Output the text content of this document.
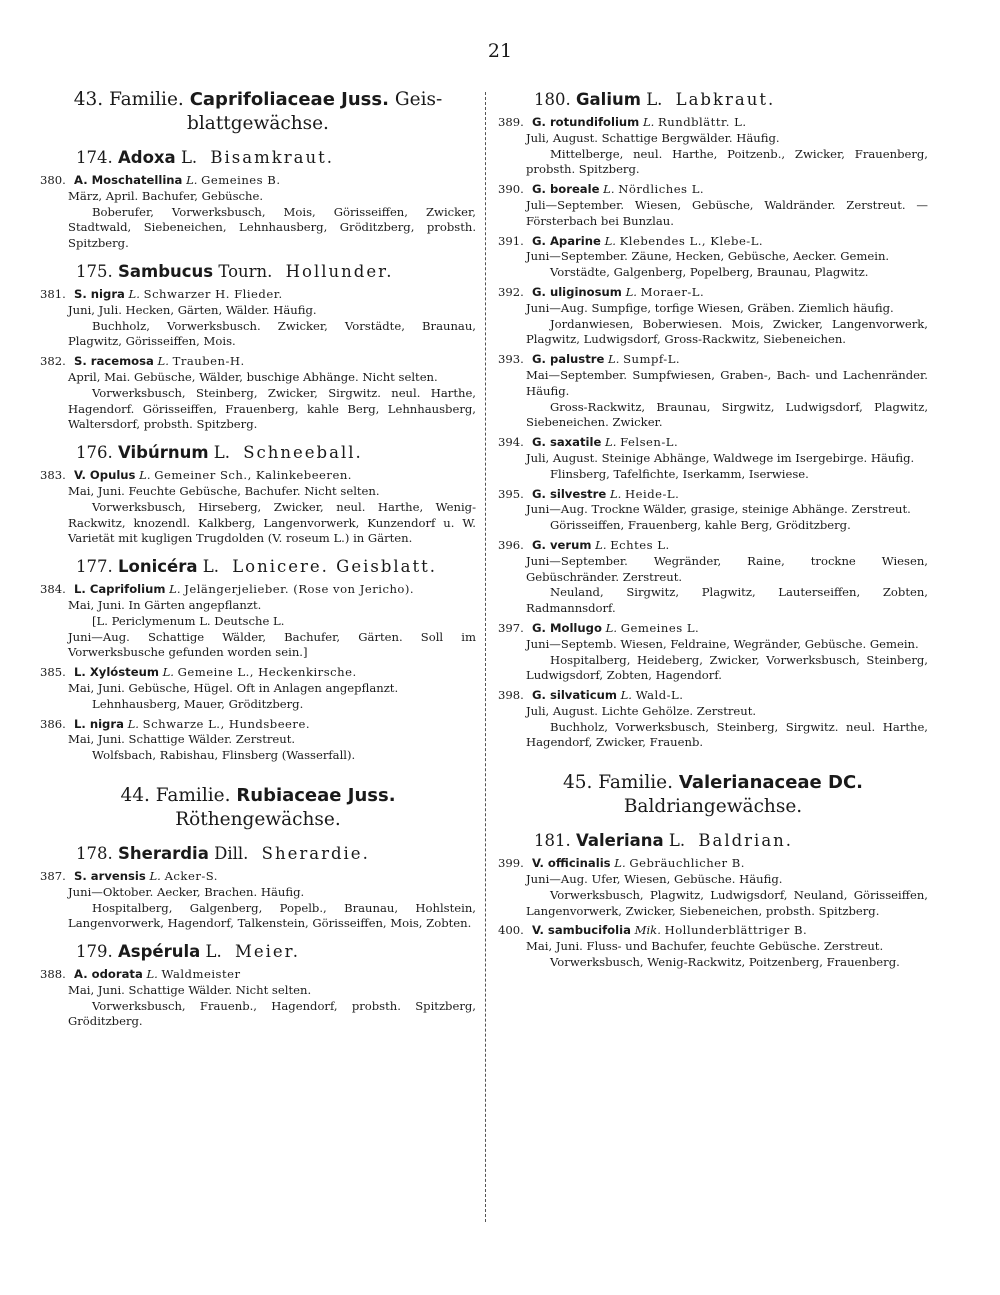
21
43. Familie. Caprifoliaceae Juss. Geis-blattgewächse.
174. Adoxa L. Bisamkraut.
380. A. Moschatellina L. Gemeines B.
März, April. Bachufer, Gebüsche.
Boberufer, Vorwerksbusch, Mois, Görisseiffen, Zwicker, Stadtwald, Siebeneichen, Lehnhausberg, Gröditzberg, probsth. Spitzberg.
175. Sambucus Tourn. Hollunder.
381. S. nigra L. Schwarzer H. Flieder.
Juni, Juli. Hecken, Gärten, Wälder. Häufig.
Buchholz, Vorwerksbusch. Zwicker, Vorstädte, Braunau, Plagwitz, Görisseiffen, Mois.
382. S. racemosa L. Trauben-H.
April, Mai. Gebüsche, Wälder, buschige Abhänge. Nicht selten.
Vorwerksbusch, Steinberg, Zwicker, Sirgwitz. neul. Harthe, Hagendorf. Görisseiffen, Frauenberg, kahle Berg, Lehnhausberg, Waltersdorf, probsth. Spitzberg.
176. Vibúrnum L. Schneeball.
383. V. Opulus L. Gemeiner Sch., Kalinkebeeren.
Mai, Juni. Feuchte Gebüsche, Bachufer. Nicht selten.
Vorwerksbusch, Hirseberg, Zwicker, neul. Harthe, Wenig-Rackwitz, knozendl. Kalkberg, Langenvorwerk, Kunzendorf u. W. Varietät mit kugligen Trugdolden (V. roseum L.) in Gärten.
177. Lonicéra L. Lonicere. Geisblatt.
384. L. Caprifolium L. Jelängerjelieber. (Rose von Jericho).
Mai, Juni. In Gärten angepflanzt.
[L. Periclymenum L. Deutsche L.
Juni—Aug. Schattige Wälder, Bachufer, Gärten. Soll im Vorwerksbusche gefunden worden sein.]
385. L. Xylósteum L. Gemeine L., Heckenkirsche.
Mai, Juni. Gebüsche, Hügel. Oft in Anlagen angepflanzt.
Lehnhausberg, Mauer, Gröditzberg.
386. L. nigra L. Schwarze L., Hundsbeere.
Mai, Juni. Schattige Wälder. Zerstreut.
Wolfsbach, Rabishau, Flinsberg (Wasserfall).
44. Familie. Rubiaceae Juss. Röthengewächse.
178. Sherardia Dill. Sherardie.
387. S. arvensis L. Acker-S.
Juni—Oktober. Aecker, Brachen. Häufig.
Hospitalberg, Galgenberg, Popelb., Braunau, Hohlstein, Langenvorwerk, Hagendorf, Talkenstein, Görisseiffen, Mois, Zobten.
179. Aspérula L. Meier.
388. A. odorata L. Waldmeister
Mai, Juni. Schattige Wälder. Nicht selten.
Vorwerksbusch, Frauenb., Hagendorf, probsth. Spitzberg, Gröditzberg.
180. Galium L. Labkraut.
389. G. rotundifolium L. Rundblättr. L.
Juli, August. Schattige Bergwälder. Häufig.
Mittelberge, neul. Harthe, Poitzenb., Zwicker, Frauenberg, probsth. Spitzberg.
390. G. boreale L. Nördliches L.
Juli—September. Wiesen, Gebüsche, Waldränder. Zerstreut. — Försterbach bei Bunzlau.
391. G. Aparine L. Klebendes L., Klebe-L.
Juni—September. Zäune, Hecken, Gebüsche, Aecker. Gemein.
Vorstädte, Galgenberg, Popelberg, Braunau, Plagwitz.
392. G. uliginosum L. Moraer-L.
Juni—Aug. Sumpfige, torfige Wiesen, Gräben. Ziemlich häufig.
Jordanwiesen, Boberwiesen. Mois, Zwicker, Langenvorwerk, Plagwitz, Ludwigsdorf, Gross-Rackwitz, Siebeneichen.
393. G. palustre L. Sumpf-L.
Mai—September. Sumpfwiesen, Graben-, Bach- und Lachenränder. Häufig.
Gross-Rackwitz, Braunau, Sirgwitz, Ludwigsdorf, Plagwitz, Siebeneichen. Zwicker.
394. G. saxatile L. Felsen-L.
Juli, August. Steinige Abhänge, Waldwege im Isergebirge. Häufig.
Flinsberg, Tafelfichte, Iserkamm, Iserwiese.
395. G. silvestre L. Heide-L.
Juni—Aug. Trockne Wälder, grasige, steinige Abhänge. Zerstreut.
Görisseiffen, Frauenberg, kahle Berg, Gröditzberg.
396. G. verum L. Echtes L.
Juni—September. Wegränder, Raine, trockne Wiesen, Gebüschränder. Zerstreut.
Neuland, Sirgwitz, Plagwitz, Lauterseiffen, Zobten, Radmannsdorf.
397. G. Mollugo L. Gemeines L.
Juni—Septemb. Wiesen, Feldraine, Wegränder, Gebüsche. Gemein.
Hospitalberg, Heideberg, Zwicker, Vorwerksbusch, Steinberg, Ludwigsdorf, Zobten, Hagendorf.
398. G. silvaticum L. Wald-L.
Juli, August. Lichte Gehölze. Zerstreut.
Buchholz, Vorwerksbusch, Steinberg, Sirgwitz. neul. Harthe, Hagendorf, Zwicker, Frauenb.
45. Familie. Valerianaceae DC. Baldriangewächse.
181. Valeriana L. Baldrian.
399. V. officinalis L. Gebräuchlicher B.
Juni—Aug. Ufer, Wiesen, Gebüsche. Häufig.
Vorwerksbusch, Plagwitz, Ludwigsdorf, Neuland, Görisseiffen, Langenvorwerk, Zwicker, Siebeneichen, probsth. Spitzberg.
400. V. sambucifolia Mik. Hollunderblättriger B.
Mai, Juni. Fluss- und Bachufer, feuchte Gebüsche. Zerstreut.
Vorwerksbusch, Wenig-Rackwitz, Poitzenberg, Frauenberg.
